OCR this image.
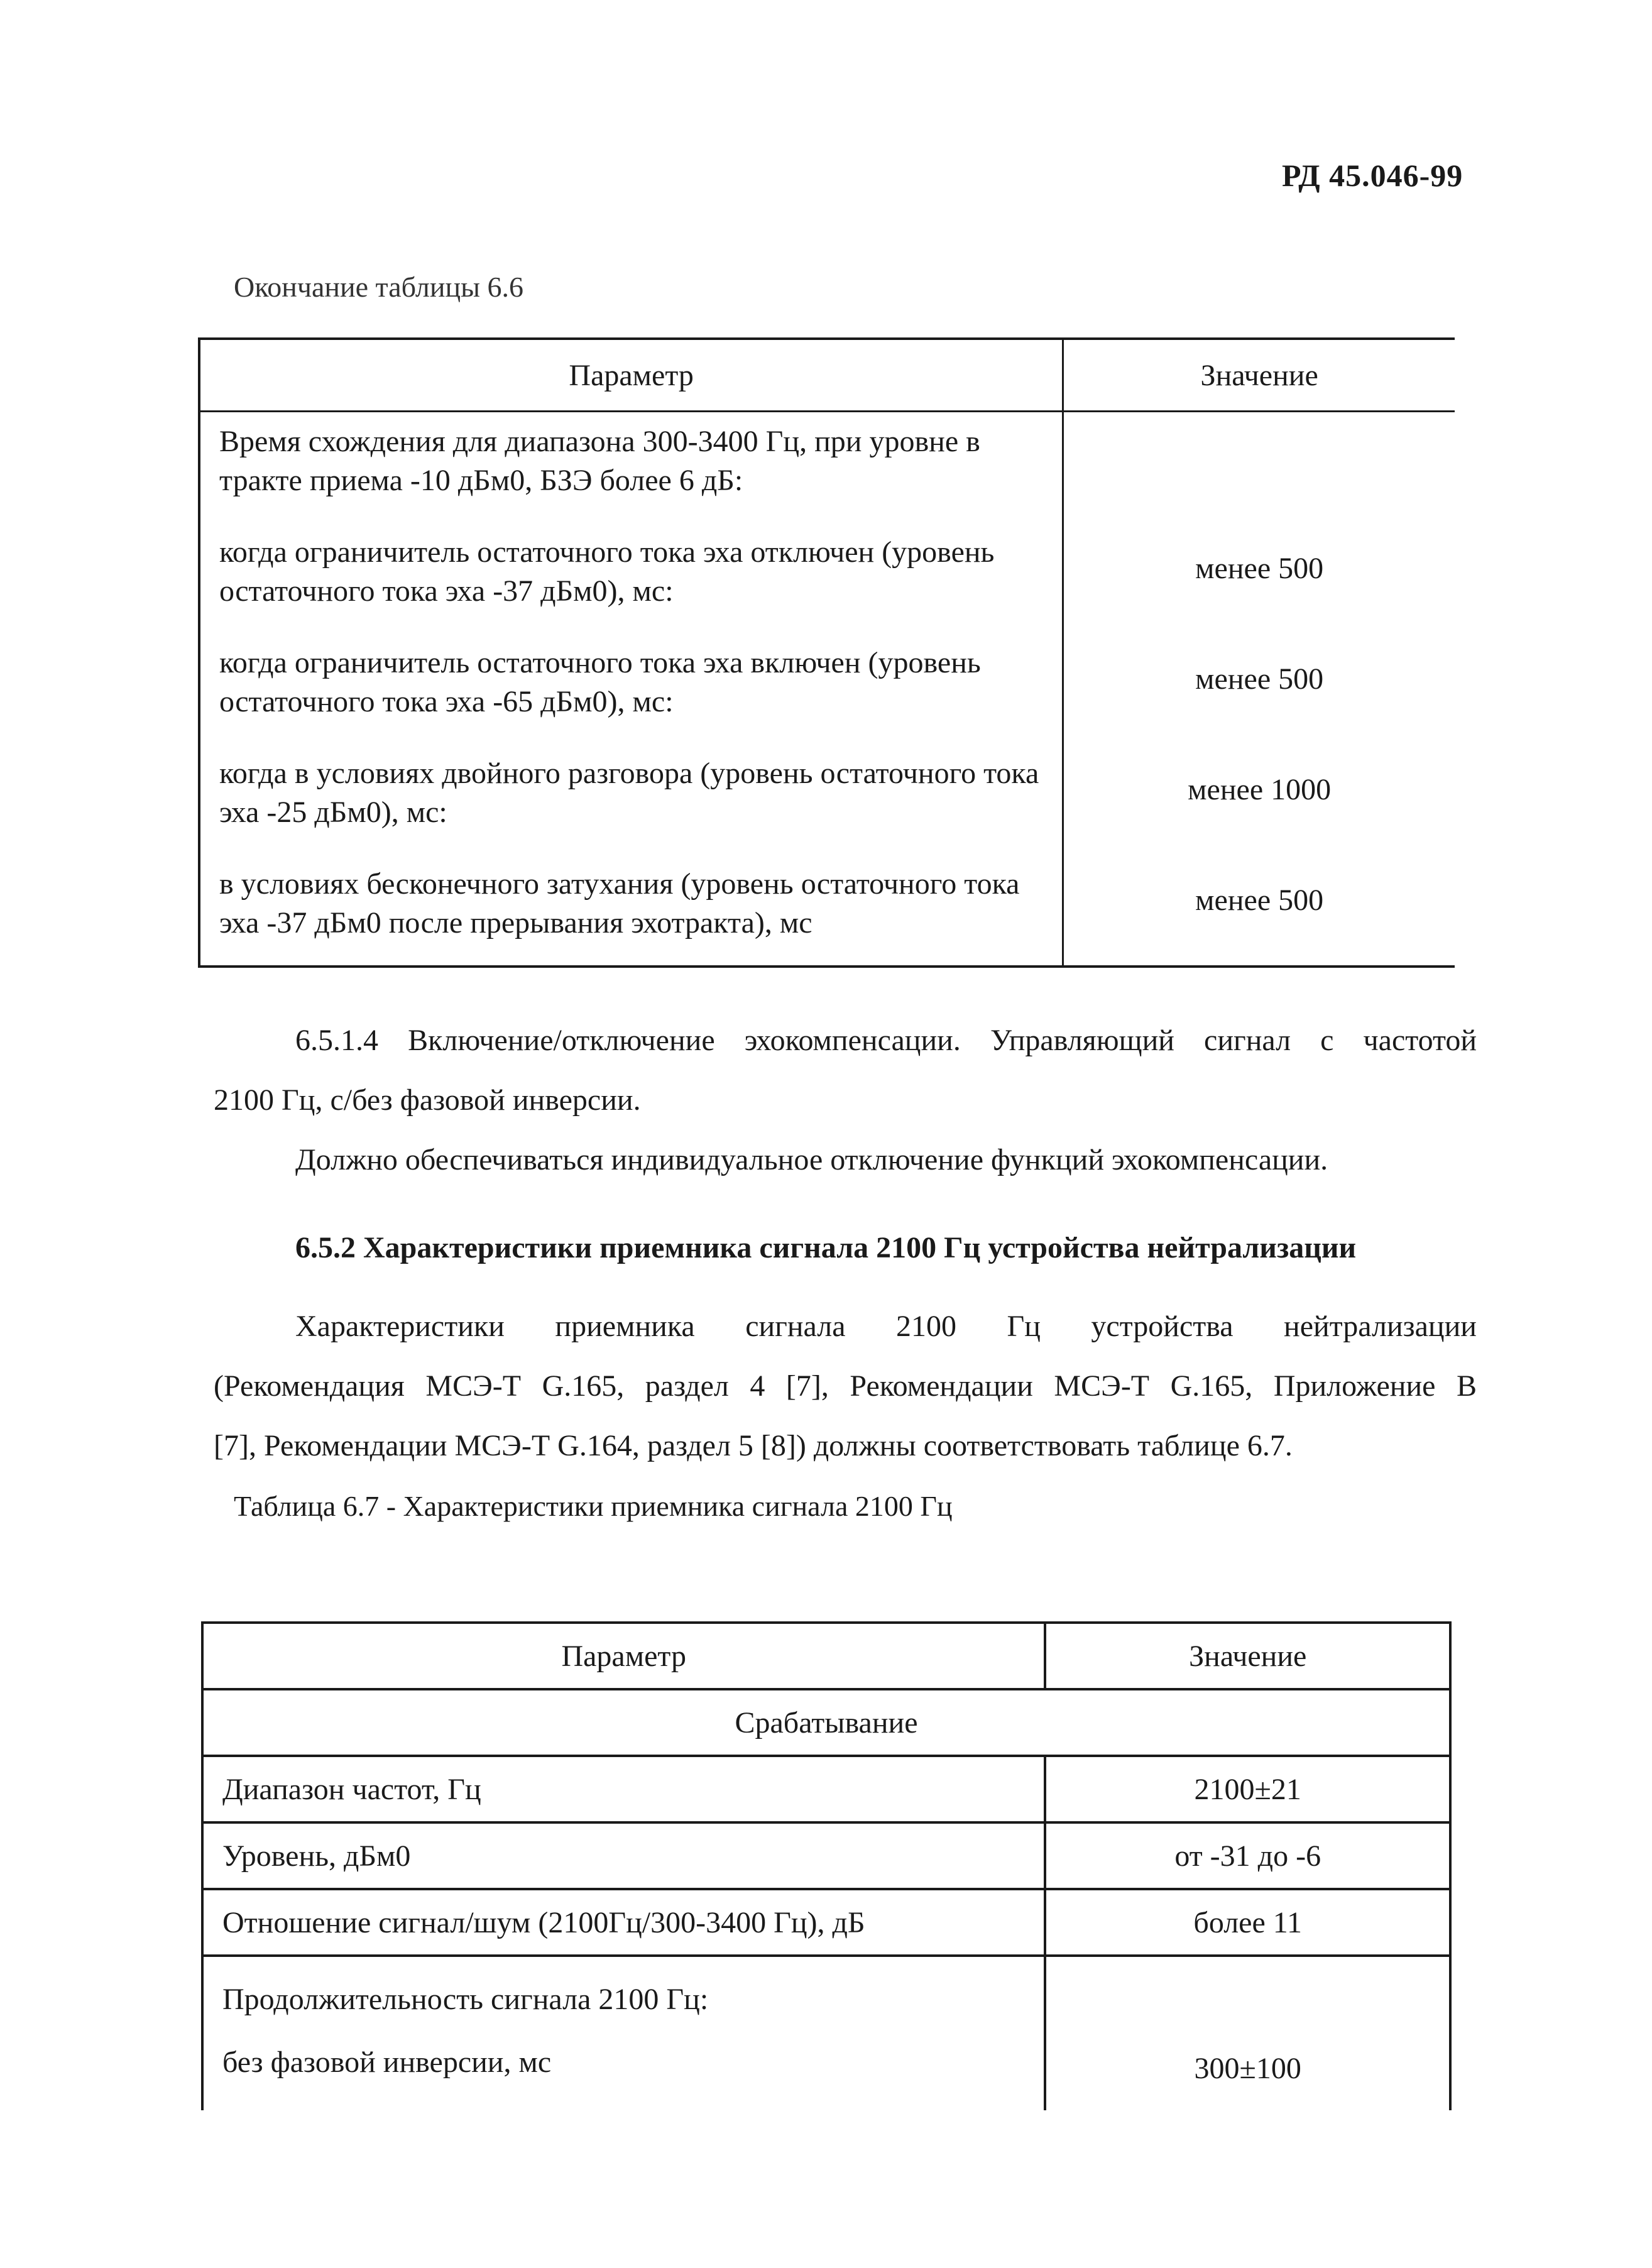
РД 45.046-99
Окончание таблицы 6.6
Параметр	Значение
Время схождения для диапазона 300-3400 Гц, при уровне в тракте приема -10 дБм0, БЗЭ более 6 дБ:	
когда ограничитель остаточного тока эха отключен (уровень остаточного тока эха -37 дБм0), мс:	менее 500
когда ограничитель остаточного тока эха включен (уровень остаточного тока эха -65 дБм0), мс:	менее 500
когда в условиях двойного разговора (уровень остаточного тока эха -25 дБм0), мс:	менее 1000
в условиях бесконечного затухания (уровень остаточного тока эха -37 дБм0 после прерывания эхотракта), мс	менее 500
6.5.1.4 Включение/отключение эхокомпенсации. Управляющий сигнал с частотой
2100 Гц, с/без фазовой инверсии.
Должно обеспечиваться индивидуальное отключение функций эхокомпенсации.
6.5.2 Характеристики приемника сигнала 2100 Гц устройства нейтрализации
Характеристики приемника сигнала 2100 Гц устройства нейтрализации
(Рекомендация МСЭ-Т G.165, раздел 4 [7], Рекомендации МСЭ-Т G.165, Приложение В
[7], Рекомендации МСЭ-Т G.164, раздел 5 [8]) должны соответствовать таблице 6.7.
Таблица 6.7 - Характеристики приемника сигнала 2100 Гц
Параметр	Значение
Срабатывание	
Диапазон частот, Гц	2100±21
Уровень, дБм0	от -31 до -6
Отношение сигнал/шум (2100Гц/300-3400 Гц), дБ	более 11

Продолжительность сигнала 2100 Гц:
без фазовой инверсии, мс	300±100
